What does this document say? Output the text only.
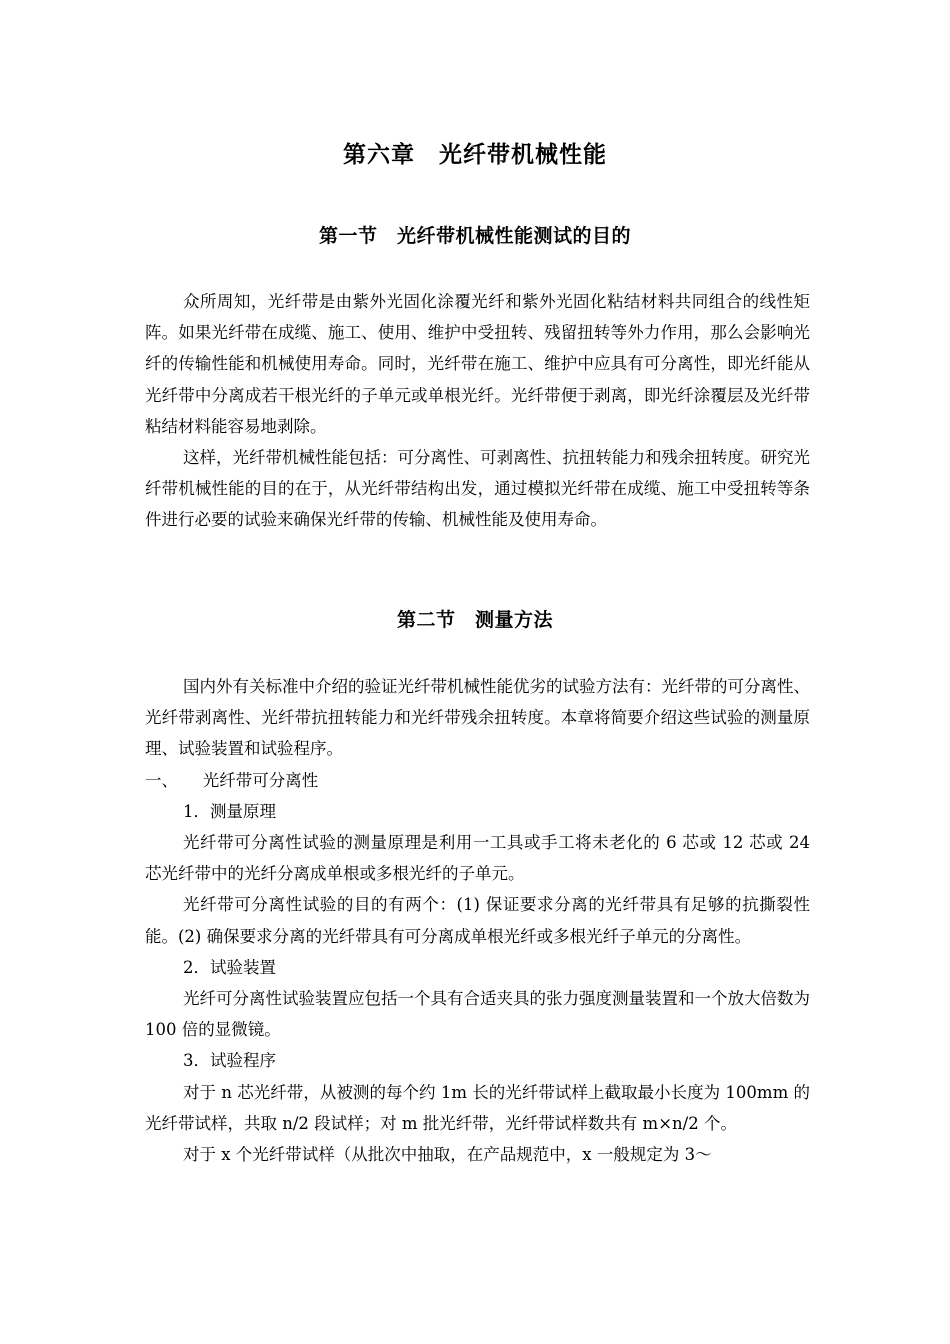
第六章　光纤带机械性能
第一节　光纤带机械性能测试的目的

众所周知，光纤带是由紫外光固化涂覆光纤和紫外光固化粘结材料共同组合的线性矩阵。如果光纤带在成缆、施工、使用、维护中受扭转、残留扭转等外力作用，那么会影响光纤的传输性能和机械使用寿命。同时，光纤带在施工、维护中应具有可分离性，即光纤能从光纤带中分离成若干根光纤的子单元或单根光纤。光纤带便于剥离，即光纤涂覆层及光纤带粘结材料能容易地剥除。

这样，光纤带机械性能包括：可分离性、可剥离性、抗扭转能力和残余扭转度。研究光纤带机械性能的目的在于，从光纤带结构出发，通过模拟光纤带在成缆、施工中受扭转等条件进行必要的试验来确保光纤带的传输、机械性能及使用寿命。

第二节　测量方法

国内外有关标准中介绍的验证光纤带机械性能优劣的试验方法有：光纤带的可分离性、光纤带剥离性、光纤带抗扭转能力和光纤带残余扭转度。本章将简要介绍这些试验的测量原理、试验装置和试验程序。

一、　　光纤带可分离性

1．测量原理

光纤带可分离性试验的测量原理是利用一工具或手工将未老化的 6 芯或 12 芯或 24 芯光纤带中的光纤分离成单根或多根光纤的子单元。

光纤带可分离性试验的目的有两个：(1) 保证要求分离的光纤带具有足够的抗撕裂性能。(2) 确保要求分离的光纤带具有可分离成单根光纤或多根光纤子单元的分离性。

2．试验装置

光纤可分离性试验装置应包括一个具有合适夹具的张力强度测量装置和一个放大倍数为 100 倍的显微镜。

3．试验程序

对于 n 芯光纤带，从被测的每个约 1m 长的光纤带试样上截取最小长度为 100mm 的光纤带试样，共取 n/2 段试样；对 m 批光纤带，光纤带试样数共有 m×n/2 个。

对于 x 个光纤带试样（从批次中抽取，在产品规范中，x 一般规定为 3～
